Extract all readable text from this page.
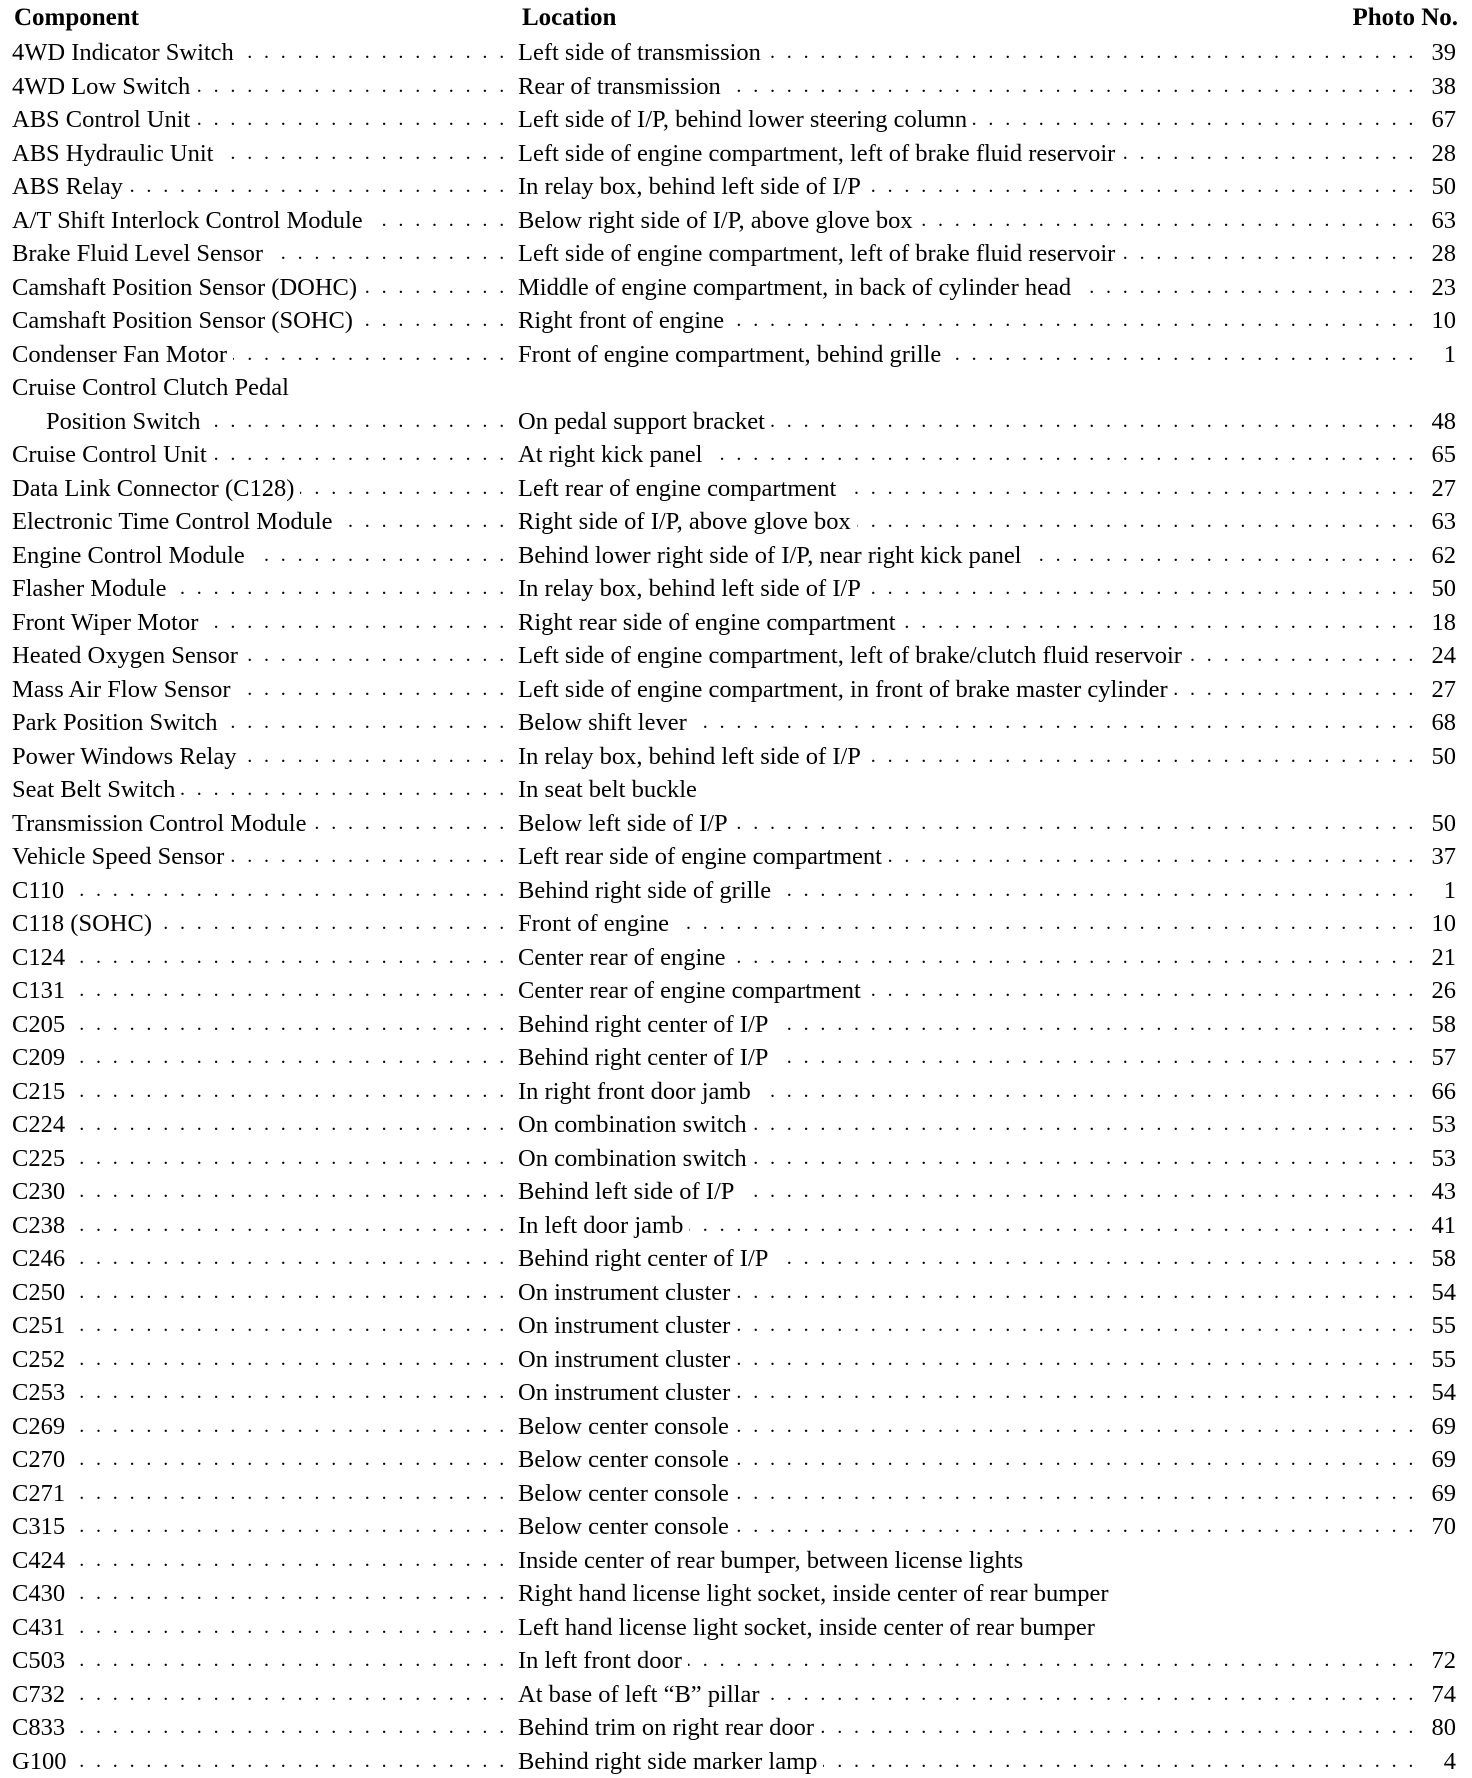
Component	Location	Photo No.
. . .
4WD Indicator Switch . . .	Left side of transmission	39
. . .
4WD Low Switch . . .	Rear of transmission	38
. . .
ABS Control Unit . . .	Left side of I/P, behind lower steering column	67
. . .
ABS Hydraulic Unit . . .	Left side of engine compartment, left of brake fluid reservoir	28
. . .
ABS Relay . . .	In relay box, behind left side of I/P	50
. . .
A/T Shift Interlock Control Module . . .	Below right side of I/P, above glove box	63
. . .
Brake Fluid Level Sensor . . .	Left side of engine compartment, left of brake fluid reservoir	28
. . .
Camshaft Position Sensor (DOHC) . . .	Middle of engine compartment, in back of cylinder head	23
. . .
Camshaft Position Sensor (SOHC) . . .	Right front of engine	10
. . .
Condenser Fan Motor . . .	Front of engine compartment, behind grille	1
Cruise Control Clutch Pedal
. . .
Position Switch . . .	On pedal support bracket	48
. . .
Cruise Control Unit . . .	At right kick panel	65
. . .
Data Link Connector (C128) . . .	Left rear of engine compartment	27
. . .
Electronic Time Control Module . . .	Right side of I/P, above glove box	63
. . .
Engine Control Module . . .	Behind lower right side of I/P, near right kick panel	62
. . .
Flasher Module . . .	In relay box, behind left side of I/P	50
. . .
Front Wiper Motor . . .	Right rear side of engine compartment	18
. . .
Heated Oxygen Sensor . . .	Left side of engine compartment, left of brake/clutch fluid reservoir	24
. . .
Mass Air Flow Sensor . . .	Left side of engine compartment, in front of brake master cylinder	27
. . .
Park Position Switch . . .	Below shift lever	68
. . .
Power Windows Relay . . .	In relay box, behind left side of I/P	50
. . .
Seat Belt Switch	In seat belt buckle
. . .
Transmission Control Module . . .	Below left side of I/P	50
. . .
Vehicle Speed Sensor . . .	Left rear side of engine compartment	37
. . .
C110 . . .	Behind right side of grille	1
. . .
C118 (SOHC) . . .	Front of engine	10
. . .
C124 . . .	Center rear of engine	21
. . .
C131 . . .	Center rear of engine compartment	26
. . .
C205 . . .	Behind right center of I/P	58
. . .
C209 . . .	Behind right center of I/P	57
. . .
C215 . . .	In right front door jamb	66
. . .
C224 . . .	On combination switch	53
. . .
C225 . . .	On combination switch	53
. . .
C230 . . .	Behind left side of I/P	43
. . .
C238 . . .	In left door jamb	41
. . .
C246 . . .	Behind right center of I/P	58
. . .
C250 . . .	On instrument cluster	54
. . .
C251 . . .	On instrument cluster	55
. . .
C252 . . .	On instrument cluster	55
. . .
C253 . . .	On instrument cluster	54
. . .
C269 . . .	Below center console	69
. . .
C270 . . .	Below center console	69
. . .
C271 . . .	Below center console	69
. . .
C315 . . .	Below center console	70
. . .
C424	Inside center of rear bumper, between license lights
. . .
C430	Right hand license light socket, inside center of rear bumper
. . .
C431	Left hand license light socket, inside center of rear bumper
. . .
C503 . . .	In left front door	72
. . .
C732 . . .	At base of left “B” pillar	74
. . .
C833 . . .	Behind trim on right rear door	80
. . .
G100 . . .	Behind right side marker lamp	4
